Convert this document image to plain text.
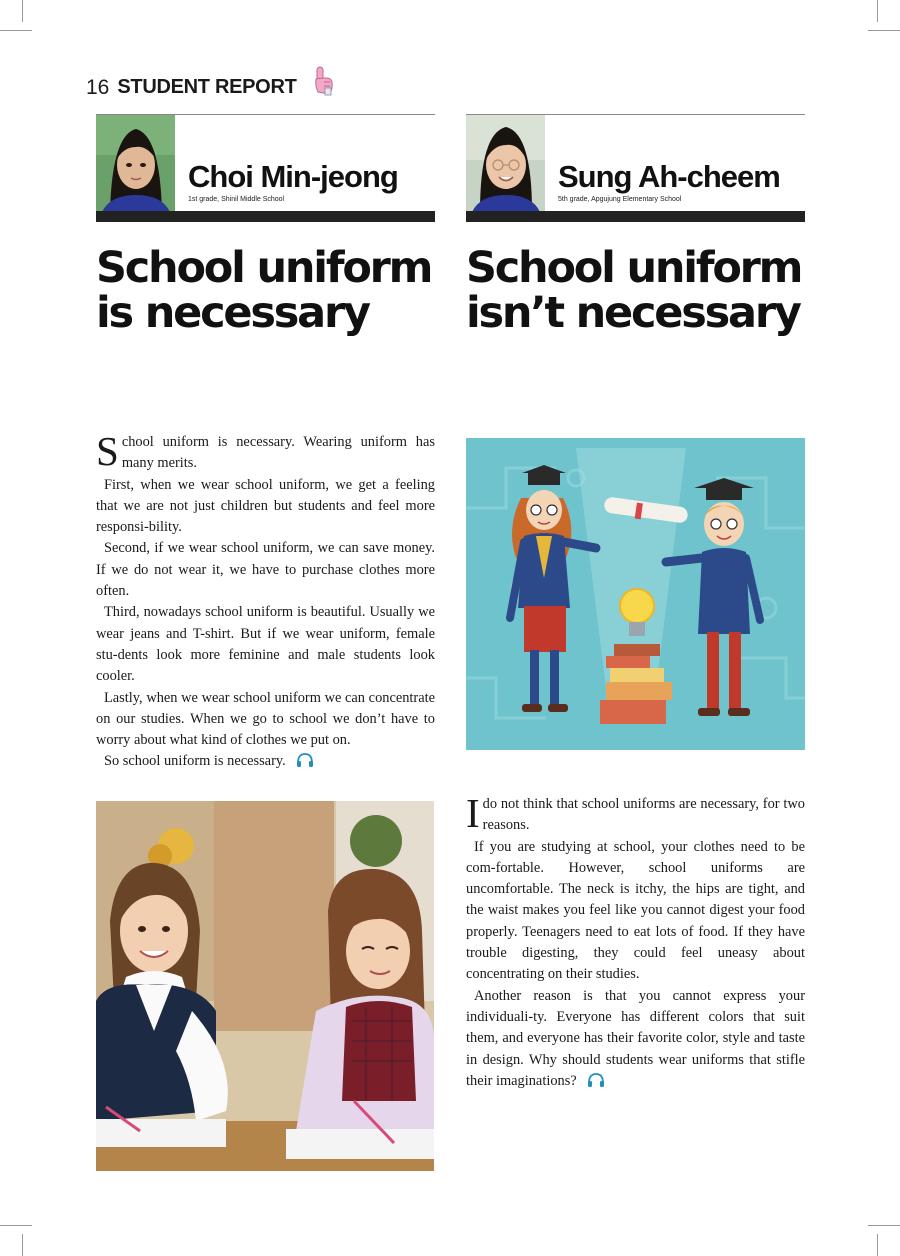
16 STUDENT REPORT
Choi Min-jeong
1st grade, Shinil Middle School
Sung Ah-cheem
5th grade, Apgujung Elementary School
School uniform
is necessary
School uniform
isn’t necessary

School uniform is necessary. Wearing uniform has many merits.

First, when we wear school uniform, we get a feeling that we are not just children but students and feel more responsi-bility.

Second, if we wear school uniform, we can save money. If we do not wear it, we have to purchase clothes more often.

Third, nowadays school uniform is beautiful. Usually we wear jeans and T-shirt. But if we wear uniform, female stu-dents look more feminine and male students look cooler.

Lastly, when we wear school uniform we can concentrate on our studies. When we go to school we don’t have to worry about what kind of clothes we put on.

So school uniform is necessary.

Ido not think that school uniforms are necessary, for two reasons.

If you are studying at school, your clothes need to be com-fortable. However, school uniforms are uncomfortable. The neck is itchy, the hips are tight, and the waist makes you feel like you cannot digest your food properly. Teenagers need to eat lots of food. If they have trouble digesting, they could feel uneasy about concentrating on their studies.

Another reason is that you cannot express your individuali-ty. Everyone has different colors that suit them, and everyone has their favorite color, style and taste in design. Why should students wear uniforms that stifle their imaginations?
